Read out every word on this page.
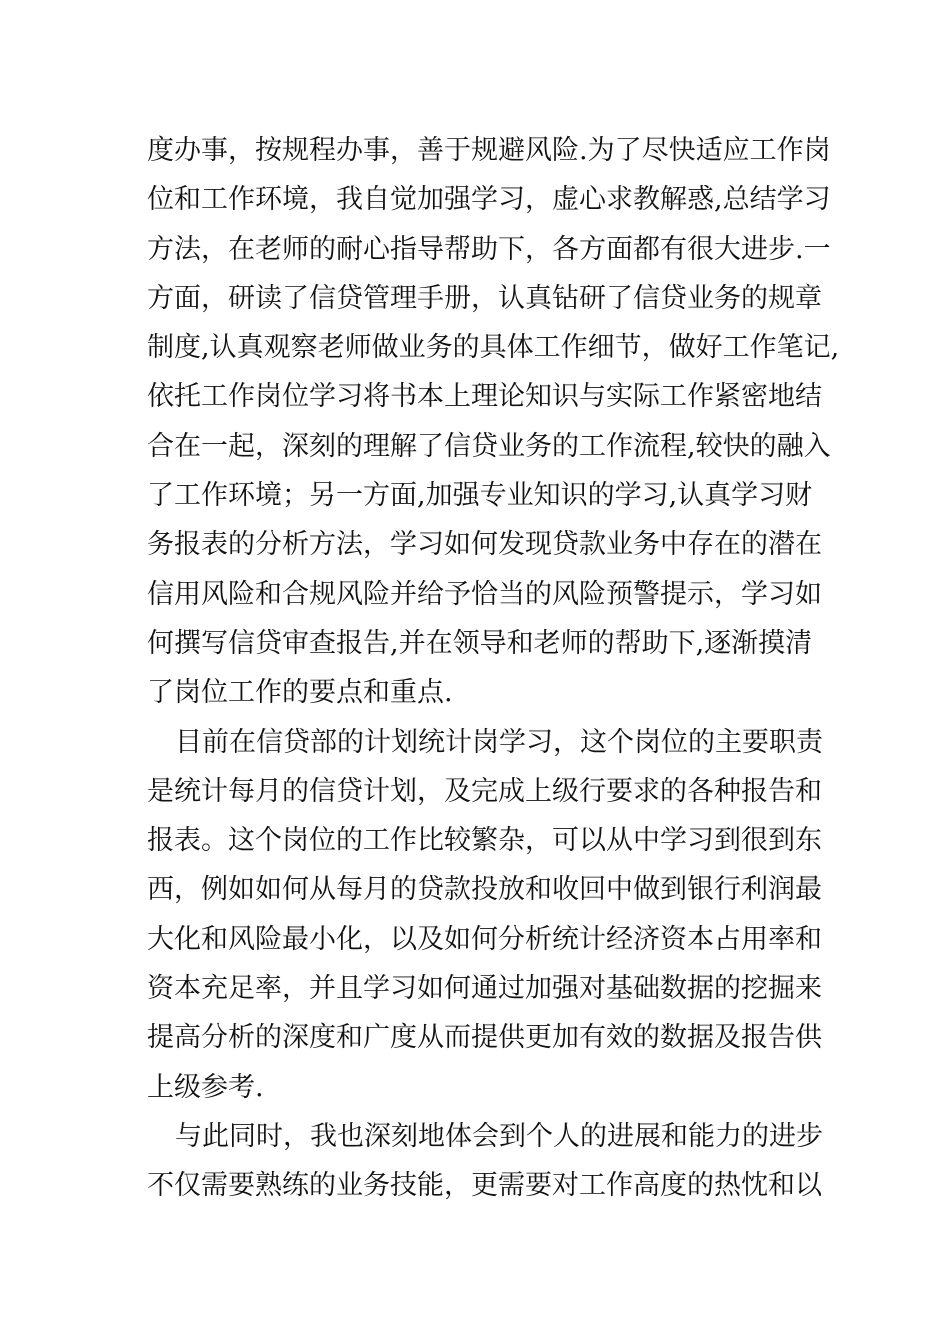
度办事，按规程办事，善于规避风险.为了尽快适应工作岗
位和工作环境，我自觉加强学习，虚心求教解惑,总结学习
方法，在老师的耐心指导帮助下，各方面都有很大进步.一
方面，研读了信贷管理手册，认真钻研了信贷业务的规章
制度,认真观察老师做业务的具体工作细节，做好工作笔记,
依托工作岗位学习将书本上理论知识与实际工作紧密地结
合在一起，深刻的理解了信贷业务的工作流程,较快的融入
了工作环境；另一方面,加强专业知识的学习,认真学习财
务报表的分析方法，学习如何发现贷款业务中存在的潜在
信用风险和合规风险并给予恰当的风险预警提示，学习如
何撰写信贷审查报告,并在领导和老师的帮助下,逐渐摸清
了岗位工作的要点和重点.
目前在信贷部的计划统计岗学习，这个岗位的主要职责
是统计每月的信贷计划，及完成上级行要求的各种报告和
报表。这个岗位的工作比较繁杂，可以从中学习到很到东
西，例如如何从每月的贷款投放和收回中做到银行利润最
大化和风险最小化，以及如何分析统计经济资本占用率和
资本充足率，并且学习如何通过加强对基础数据的挖掘来
提高分析的深度和广度从而提供更加有效的数据及报告供
上级参考.
与此同时，我也深刻地体会到个人的进展和能力的进步
不仅需要熟练的业务技能，更需要对工作高度的热忱和以
